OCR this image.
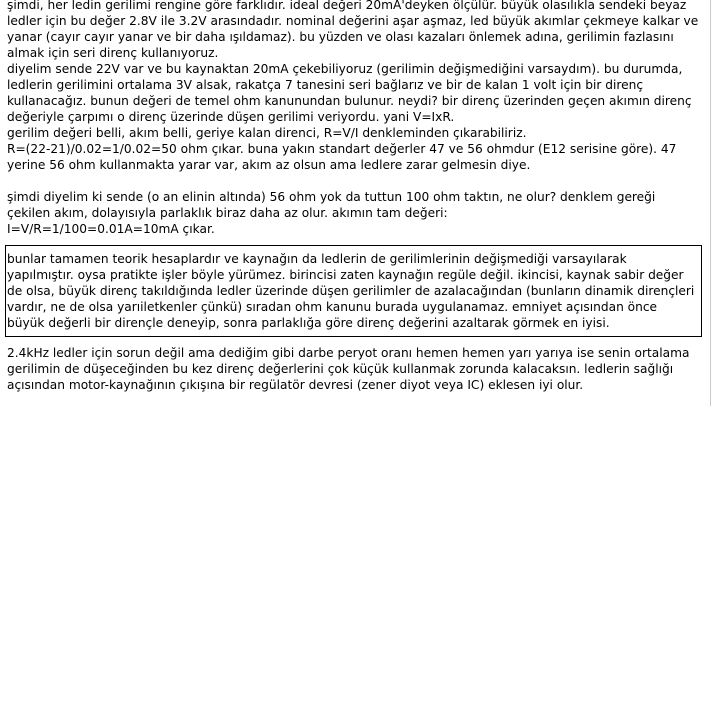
şimdi, her ledin gerilimi rengine göre farklıdır. ideal değeri 20mA'deyken ölçülür. büyük olasılıkla sendeki beyaz ledler için bu değer 2.8V ile 3.2V arasındadır. nominal değerini aşar aşmaz, led büyük akımlar çekmeye kalkar ve yanar (cayır cayır yanar ve bir daha ışıldamaz). bu yüzden ve olası kazaları önlemek adına, gerilimin fazlasını almak için seri direnç kullanıyoruz.

diyelim sende 22V var ve bu kaynaktan 20mA çekebiliyoruz (gerilimin değişmediğini varsaydım). bu durumda, ledlerin gerilimini ortalama 3V alsak, rakatça 7 tanesini seri bağlarız ve bir de kalan 1 volt için bir direnç kullanacağız. bunun değeri de temel ohm kanunundan bulunur. neydi? bir direnç üzerinden geçen akımın direnç değeriyle çarpımı o direnç üzerinde düşen gerilimi veriyordu. yani V=IxR.

gerilim değeri belli, akım belli, geriye kalan direnci, R=V/I denkleminden çıkarabiliriz.

R=(22-21)/0.02=1/0.02=50 ohm çıkar. buna yakın standart değerler 47 ve 56 ohmdur (E12 serisine göre). 47 yerine 56 ohm kullanmakta yarar var, akım az olsun ama ledlere zarar gelmesin diye.

şimdi diyelim ki sende (o an elinin altında) 56 ohm yok da tuttun 100 ohm taktın, ne olur? denklem gereği çekilen akım, dolayısıyla parlaklık biraz daha az olur. akımın tam değeri:

I=V/R=1/100=0.01A=10mA çıkar.

bunlar tamamen teorik hesaplardır ve kaynağın da ledlerin de gerilimlerinin değişmediği varsayılarak yapılmıştır. oysa pratikte işler böyle yürümez. birincisi zaten kaynağın regüle değil. ikincisi, kaynak sabir değer de olsa, büyük direnç takıldığında ledler üzerinde düşen gerilimler de azalacağından (bunların dinamik dirençleri vardır, ne de olsa yarıiletkenler çünkü) sıradan ohm kanunu burada uygulanamaz. emniyet açısından önce büyük değerli bir dirençle deneyip, sonra parlaklığa göre direnç değerini azaltarak görmek en iyisi.

2.4kHz ledler için sorun değil ama dediğim gibi darbe peryot oranı hemen hemen yarı yarıya ise senin ortalama gerilimin de düşeceğinden bu kez direnç değerlerini çok küçük kullanmak zorunda kalacaksın. ledlerin sağlığı açısından motor-kaynağının çıkışına bir regülatör devresi (zener diyot veya IC) eklesen iyi olur.
